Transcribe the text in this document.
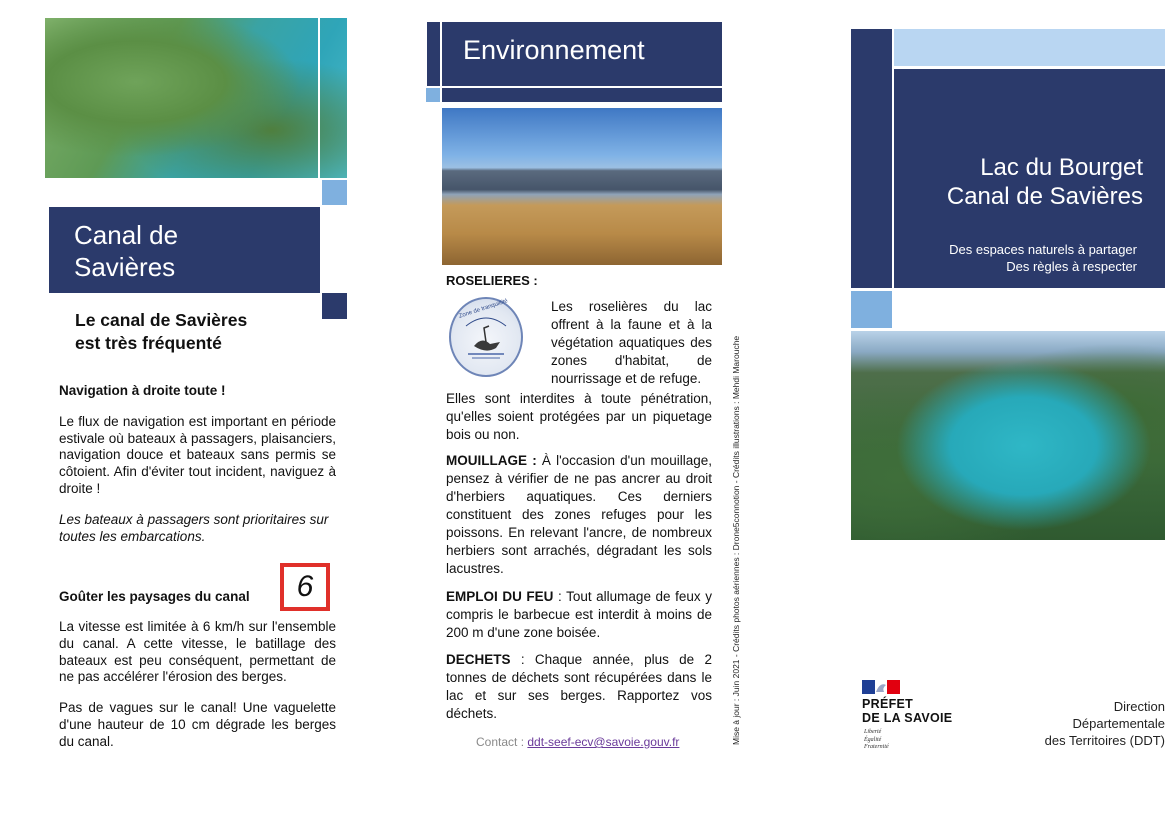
Canal de
Savières
Le canal de Savières
est très fréquenté

Navigation à droite toute !

Le flux de navigation est important en période estivale où bateaux à passagers, plaisanciers, navigation douce et bateaux sans permis se côtoient. Afin d'éviter tout incident, naviguez à droite !

Les bateaux à passagers sont prioritaires sur toutes les embarcations.

Goûter les paysages du canal 6

La vitesse est limitée à 6 km/h sur l'ensemble du canal. A cette vitesse, le batillage des bateaux est peu conséquent, permettant de ne pas accélérer l'érosion des berges.

Pas de vagues sur le canal! Une vaguelette d'une hauteur de 10 cm dégrade les berges du canal.

Environnement
ROSELIERES :
Zone de tranquillité	Les roselières du lac offrent à la faune et à la végétation aquatiques des zones d'habitat, de nourrissage et de refuge.
Elles sont interdites à toute pénétration, qu'elles soient protégées par un piquetage bois ou non.

MOUILLAGE : À l'occasion d'un mouillage, pensez à vérifier de ne pas ancrer au droit d'herbiers aquatiques. Ces derniers constituent des zones refuges pour les poissons. En relevant l'ancre, de nombreux herbiers sont arrachés, dégradant les sols lacustres.

EMPLOI DU FEU : Tout allumage de feux y compris le barbecue est interdit à moins de 200 m d'une zone boisée.

DECHETS : Chaque année, plus de 2 tonnes de déchets sont récupérées dans le lac et sur ses berges. Rapportez vos déchets.

Contact : ddt-seef-ecv@savoie.gouv.fr	Mise à jour : Juin 2021 - Crédits photos aériennes : Drone5connotion - Crédits illustrations : Mehdi Marouche
Lac du Bourget
Canal de Savières
Des espaces naturels à partager
Des règles à respecter
PRÉFET
DE LA SAVOIE
Liberté
Égalité
Fraternité
Direction
Départementale
des Territoires (DDT)
